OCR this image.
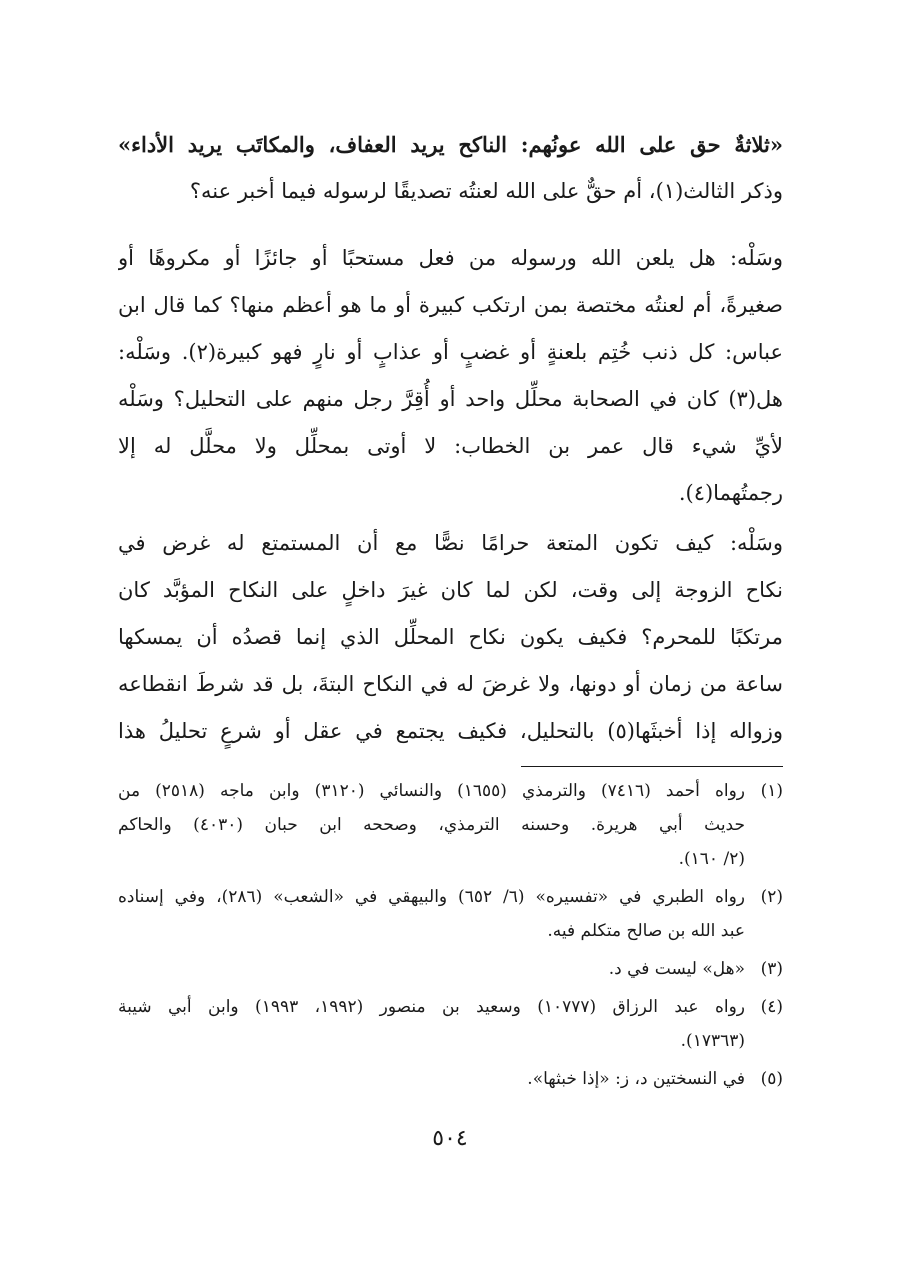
«ثلاثةٌ حق على الله عونُهم: الناكح يريد العفاف، والمكاتَب يريد الأداء»
وذكر الثالث(١)، أم حقٌّ على الله لعنتُه تصديقًا لرسوله فيما أخبر عنه؟
وسَلْه: هل يلعن الله ورسوله من فعل مستحبًا أو جائزًا أو مكروهًا أو
صغيرةً، أم لعنتُه مختصة بمن ارتكب كبيرة أو ما هو أعظم منها؟ كما قال ابن
عباس: كل ذنب خُتِم بلعنةٍ أو غضبٍ أو عذابٍ أو نارٍ فهو كبيرة(٢). وسَلْه:
هل(٣) كان في الصحابة محلِّل واحد أو أُقِرَّ رجل منهم على التحليل؟ وسَلْه
لأيِّ شيء قال عمر بن الخطاب: لا أوتى بمحلِّل ولا محلَّل له إلا
رجمتُهما(٤).
وسَلْه: كيف تكون المتعة حرامًا نصًّا مع أن المستمتع له غرض في
نكاح الزوجة إلى وقت، لكن لما كان غيرَ داخلٍ على النكاح المؤبَّد كان
مرتكبًا للمحرم؟ فكيف يكون نكاح المحلِّل الذي إنما قصدُه أن يمسكها
ساعة من زمان أو دونها، ولا غرضَ له في النكاح البتةَ، بل قد شرطَ انقطاعه
وزواله إذا أخبثَها(٥) بالتحليل، فكيف يجتمع في عقل أو شرعٍ تحليلُ هذا
(١)
رواه أحمد (٧٤١٦) والترمذي (١٦٥٥) والنسائي (٣١٢٠) وابن ماجه (٢٥١٨) من
حديث أبي هريرة. وحسنه الترمذي، وصححه ابن حبان (٤٠٣٠) والحاكم
(٢/ ١٦٠).
(٢)
رواه الطبري في «تفسيره» (٦/ ٦٥٢) والبيهقي في «الشعب» (٢٨٦)، وفي إسناده
عبد الله بن صالح متكلم فيه.
(٣)
«هل» ليست في د.
(٤)
رواه عبد الرزاق (١٠٧٧٧) وسعيد بن منصور (١٩٩٢، ١٩٩٣) وابن أبي شيبة
(١٧٣٦٣).
(٥)
في النسختين د، ز: «إذا خبثها».
٥٠٤
